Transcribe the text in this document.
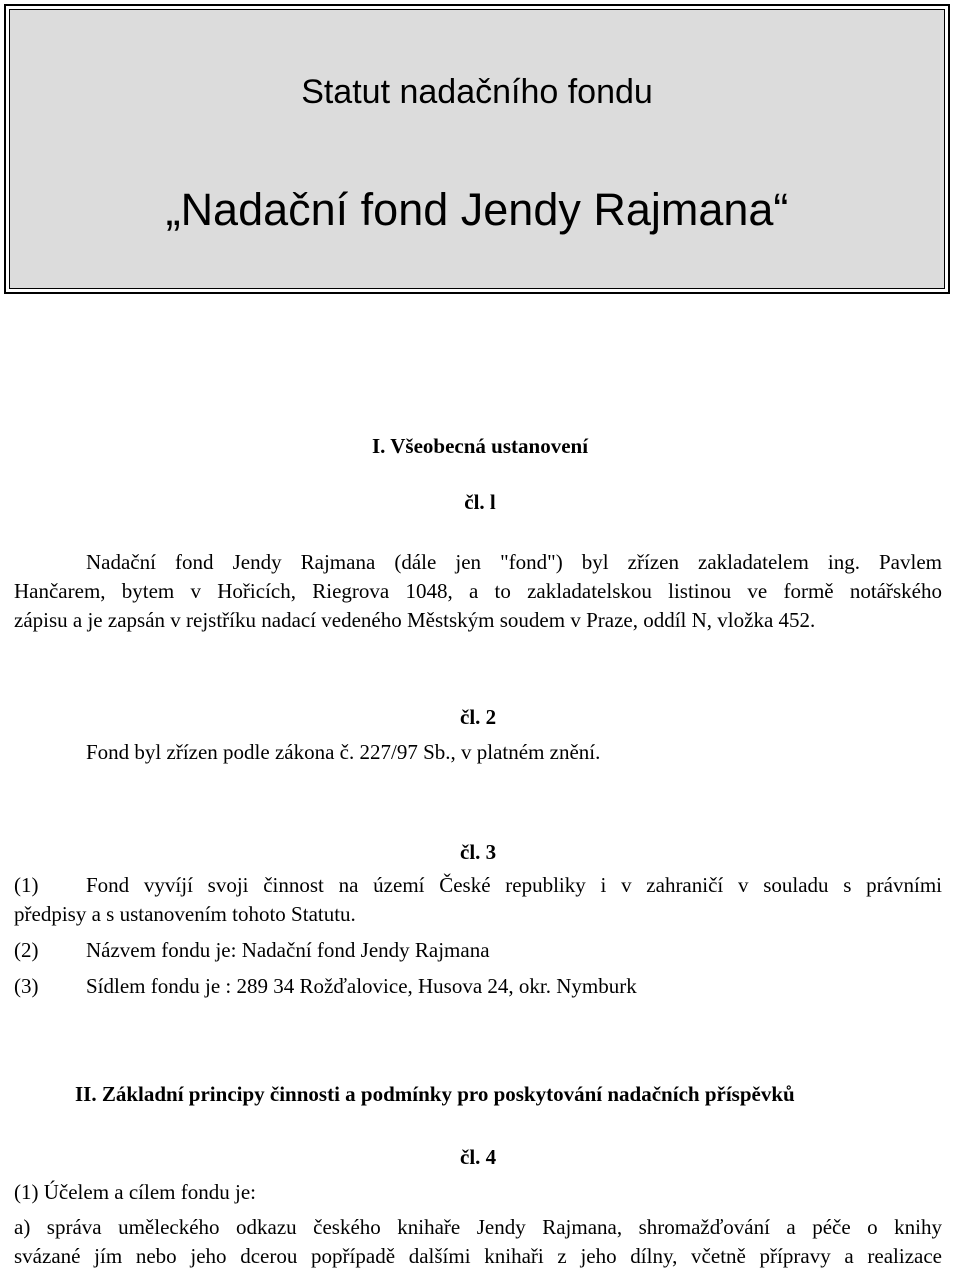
Statut nadačního fondu
„Nadační fond Jendy Rajmana“
I. Všeobecná ustanovení
čl. l
Nadační fond Jendy Rajmana (dále jen "fond") byl zřízen zakladatelem ing. Pavlem
Hančarem, bytem v Hořicích, Riegrova 1048, a to zakladatelskou listinou ve formě notářského
zápisu a je zapsán v rejstříku nadací vedeného Městským soudem v Praze, oddíl N, vložka 452.
čl. 2
Fond byl zřízen podle zákona č. 227/97 Sb., v platném znění.
čl. 3
(1)	Fond vyvíjí svoji činnost na území České republiky i v zahraničí v souladu s právními
předpisy a s ustanovením tohoto Statutu.
(2) Názvem fondu je: Nadační fond Jendy Rajmana
(3) Sídlem fondu je : 289 34 Rožďalovice, Husova 24, okr. Nymburk
II. Základní principy činnosti a podmínky pro poskytování nadačních příspěvků
čl. 4
(1) Účelem a cílem fondu je:
a) správa uměleckého odkazu českého knihaře Jendy Rajmana, shromažďování a péče o knihy
svázané jím nebo jeho dcerou popřípadě dalšími knihaři z jeho dílny, včetně přípravy a realizace
